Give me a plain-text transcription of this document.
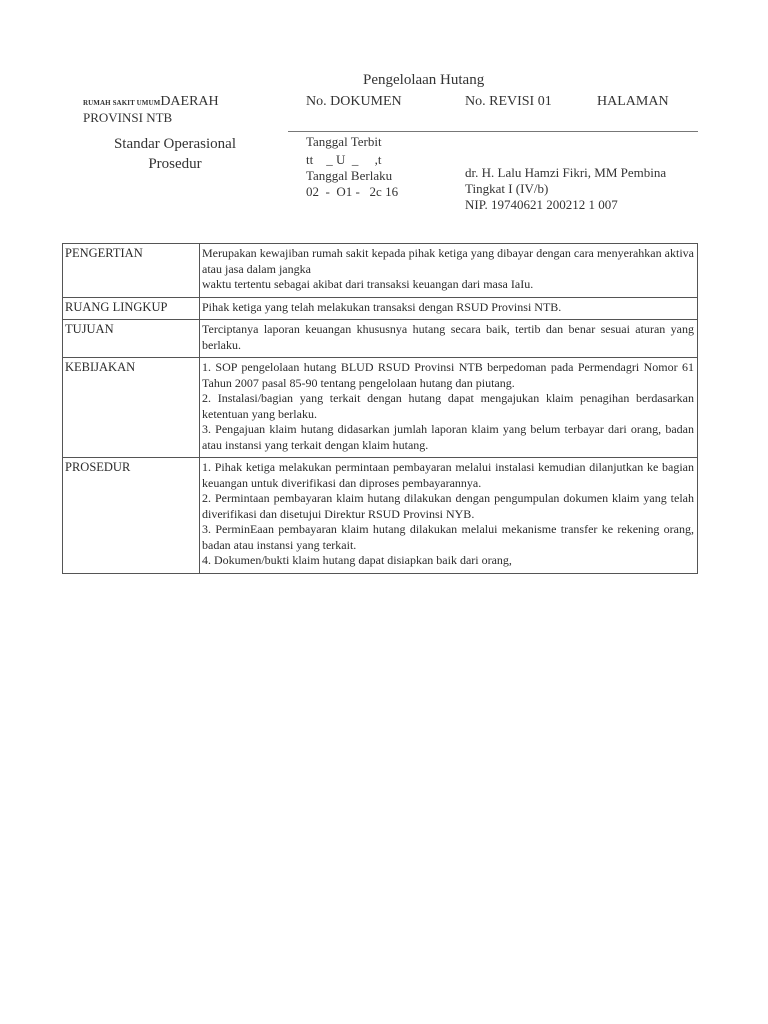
Pengelolaan Hutang
RUMAH SAKIT UMUMDAERAH
PROVINSI NTB
Standar Operasional
Prosedur
No. DOKUMEN	No. REVISI 01	HALAMAN
Tanggal Terbit
tt    _ U  _     ,t
Tanggal Berlaku
02  -  O1 -   2c 16
dr. H. Lalu Hamzi Fikri, MM Pembina
Tingkat I (IV/b)
NIP. 19740621 200212 1 007
PENGERTIAN	Merupakan kewajiban rumah sakit kepada pihak ketiga yang dibayar dengan cara menyerahkan aktiva atau jasa dalam jangka
waktu tertentu sebagai akibat dari transaksi keuangan dari masa IaIu.

RUANG LINGKUP	Pihak ketiga yang telah melakukan transaksi dengan RSUD Provinsi NTB.

TUJUAN	Terciptanya laporan keuangan khususnya hutang secara baik, tertib dan benar sesuai aturan yang berlaku.

KEBIJAKAN	1. SOP pengelolaan hutang BLUD RSUD Provinsi NTB berpedoman pada Permendagri Nomor 61 Tahun 2007 pasal 85-90 tentang pengelolaan hutang dan piutang.
2. Instalasi/bagian yang terkait dengan hutang dapat mengajukan klaim penagihan berdasarkan ketentuan yang berlaku.
3. Pengajuan klaim hutang didasarkan jumlah laporan klaim yang belum terbayar dari orang, badan atau instansi yang terkait dengan klaim hutang.

PROSEDUR	1. Pihak ketiga melakukan permintaan pembayaran melalui instalasi kemudian dilanjutkan ke bagian keuangan untuk diverifikasi dan diproses pembayarannya.
2. Permintaan pembayaran klaim hutang dilakukan dengan pengumpulan dokumen klaim yang telah diverifikasi dan disetujui Direktur RSUD Provinsi NYB.
3. PerminEaan pembayaran klaim hutang dilakukan melalui mekanisme transfer ke rekening orang, badan atau instansi yang terkait.
4. Dokumen/bukti klaim hutang dapat disiapkan baik dari orang,
